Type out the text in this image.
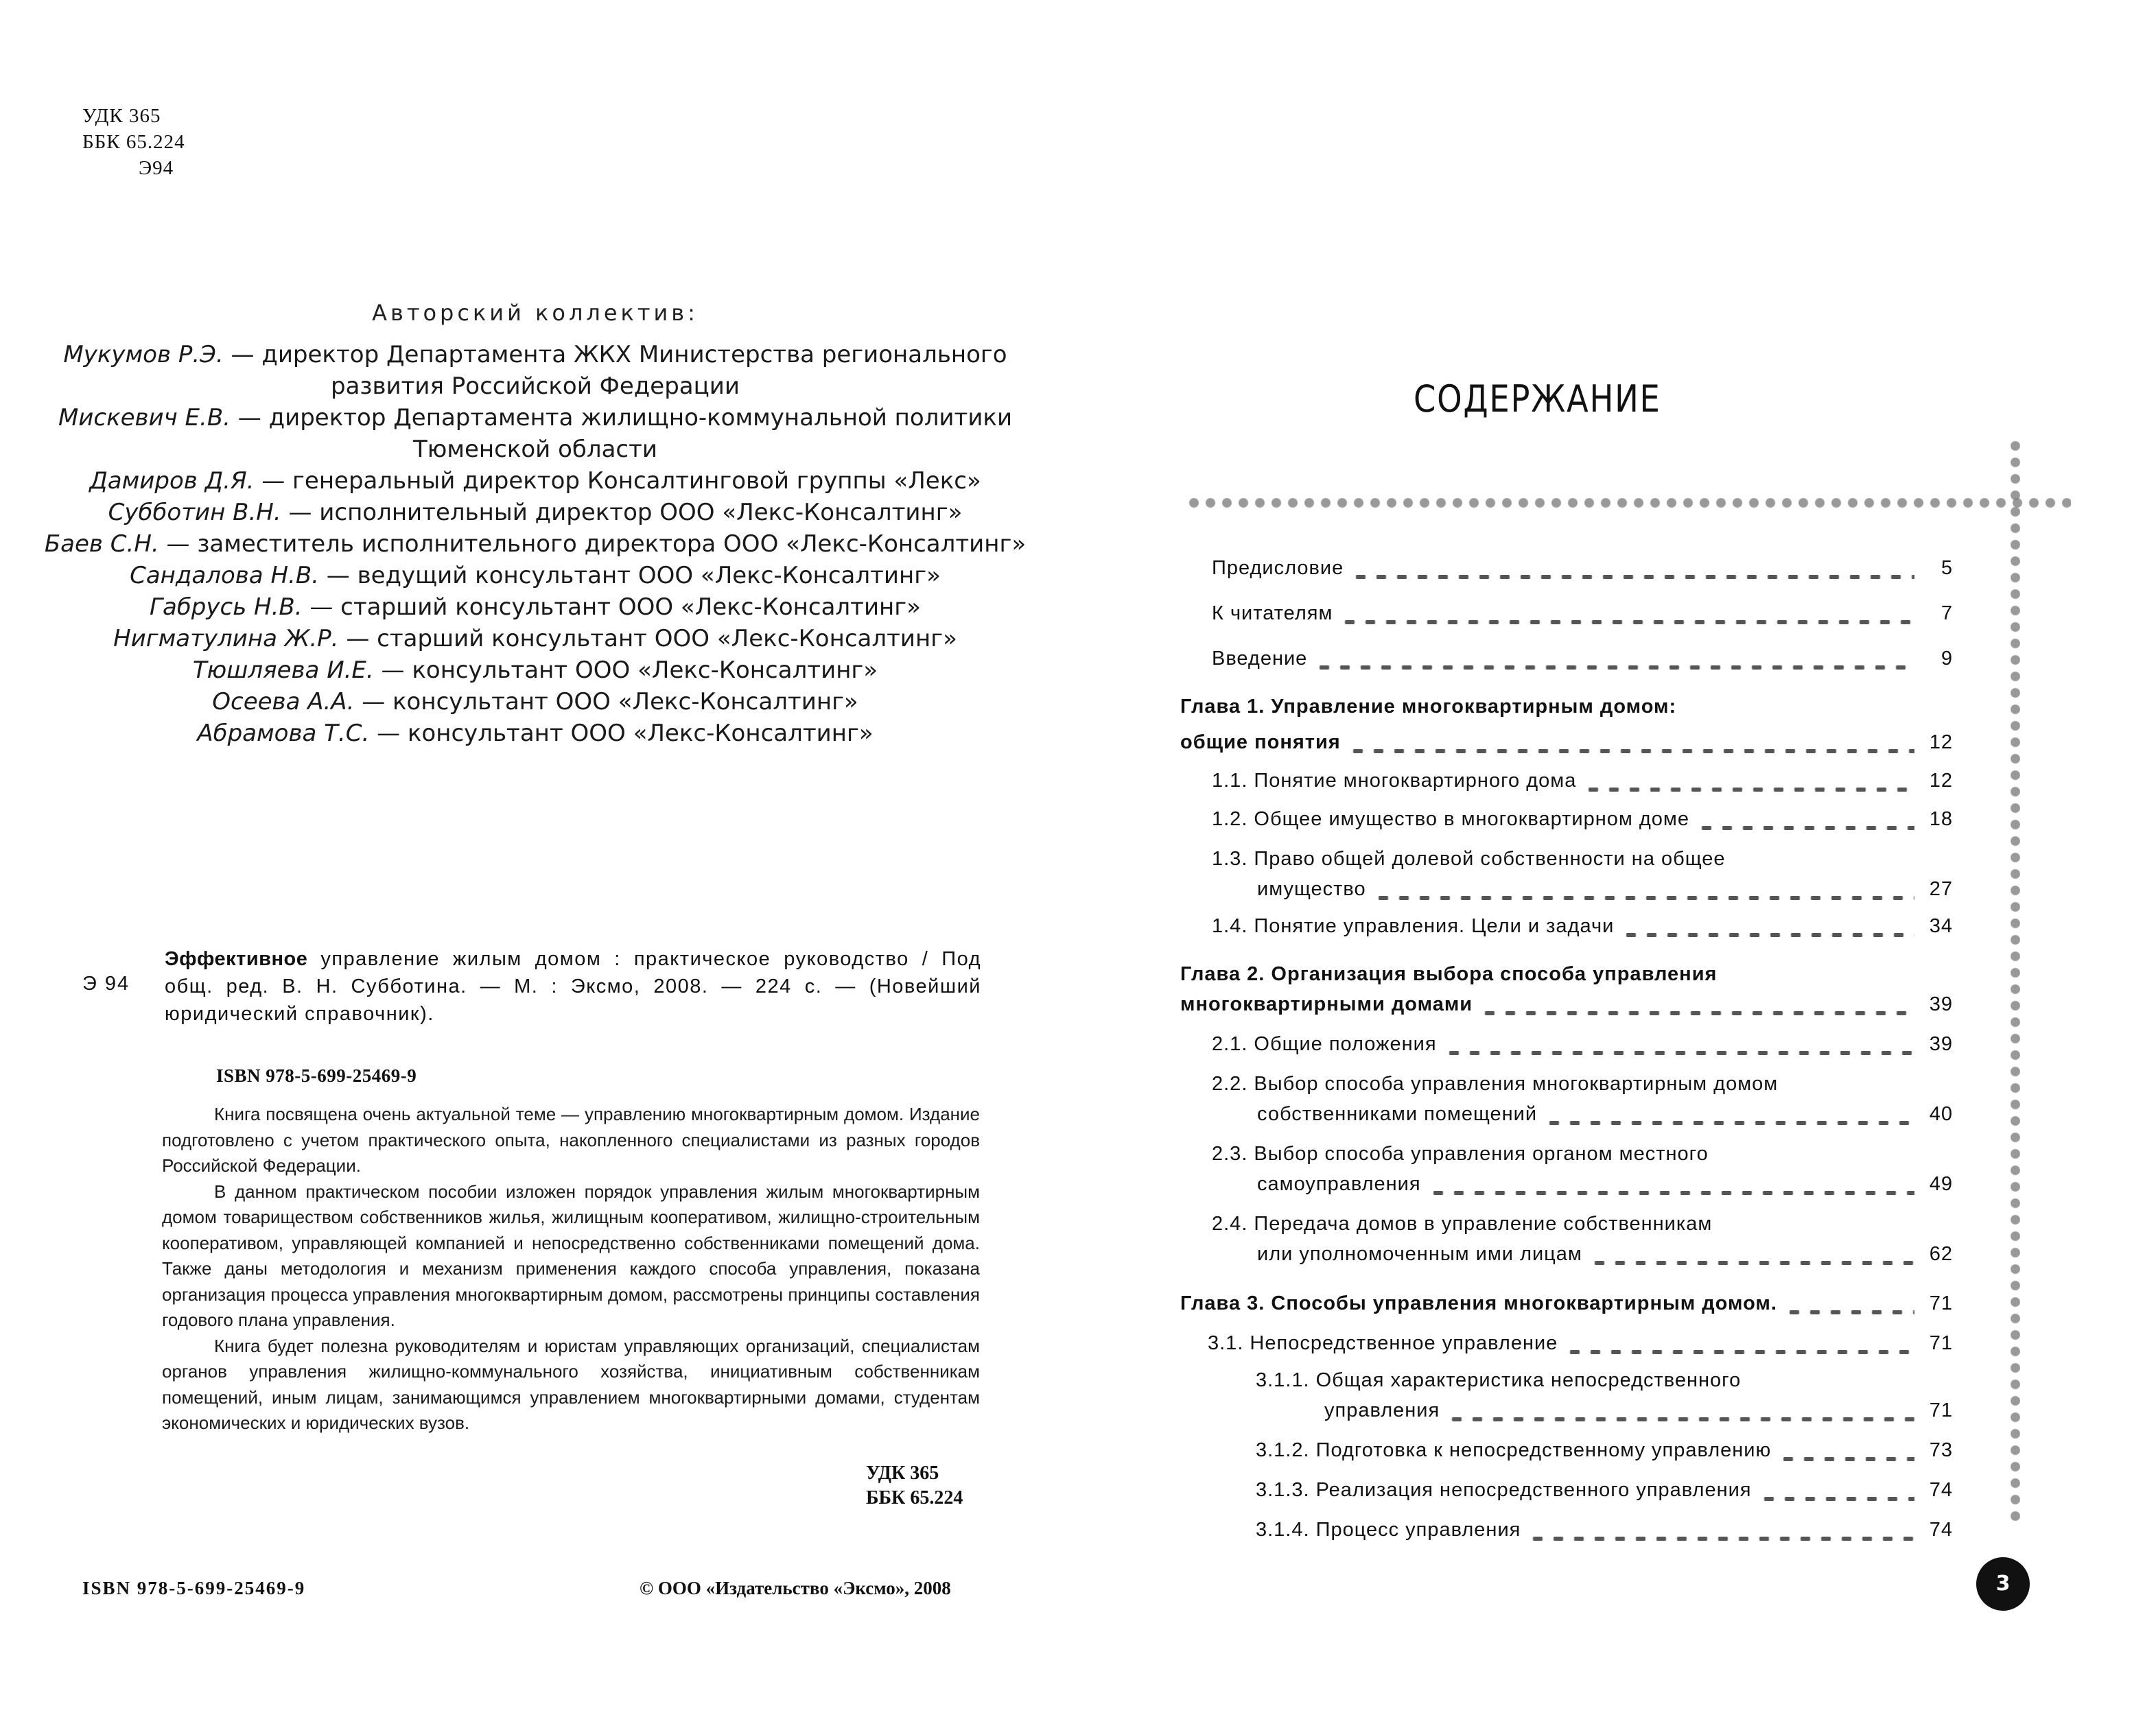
УДК 365
ББК 65.224
Э94
Авторский коллектив:
Мукумов Р.Э. — директор Департамента ЖКХ Министерства регионального
развития Российской Федерации
Мискевич Е.В. — директор Департамента жилищно-коммунальной политики
Тюменской области
Дамиров Д.Я. — генеральный директор Консалтинговой группы «Лекс»
Субботин В.Н. — исполнительный директор ООО «Лекс-Консалтинг»
Баев С.Н. — заместитель исполнительного директора ООО «Лекс-Консалтинг»
Сандалова Н.В. — ведущий консультант ООО «Лекс-Консалтинг»
Габрусь Н.В. — старший консультант ООО «Лекс-Консалтинг»
Нигматулина Ж.Р. — старший консультант ООО «Лекс-Консалтинг»
Тюшляева И.Е. — консультант ООО «Лекс-Консалтинг»
Осеева А.А. — консультант ООО «Лекс-Консалтинг»
Абрамова Т.С. — консультант ООО «Лекс-Консалтинг»
Э 94
Эффективное управление жилым домом : практическое руководство / Под общ. ред. В. Н. Субботина. — М. : Эксмо, 2008. — 224 с. — (Новейший юридический справочник).
ISBN 978-5-699-25469-9

Книга посвящена очень актуальной теме — управлению многоквартирным домом. Издание подготовлено с учетом практического опыта, накопленного специалистами из разных городов Российской Федерации.

В данном практическом пособии изложен порядок управления жилым многоквартирным домом товариществом собственников жилья, жилищным кооперативом, жилищно-строительным кооперативом, управляющей компанией и непосредственно собственниками помещений дома. Также даны методология и механизм применения каждого способа управления, показана организация процесса управления многоквартирным домом, рассмотрены принципы составления годового плана управления.

Книга будет полезна руководителям и юристам управляющих организаций, специалистам органов управления жилищно-коммунального хозяйства, инициативным собственникам помещений, иным лицам, занимающимся управлением многоквартирными домами, студентам экономических и юридических вузов.

УДК 365
ББК 65.224
ISBN 978-5-699-25469-9	© ООО «Издательство «Эксмо», 2008
СОДЕРЖАНИЕ
Предисловие	5
К читателям	7
Введение	9
Глава 1. Управление многоквартирным домом:
общие понятия	12
1.1. Понятие многоквартирного дома	12
1.2. Общее имущество в многоквартирном доме	18
1.3. Право общей долевой собственности на общее
имущество	27
1.4. Понятие управления. Цели и задачи	34
Глава 2. Организация выбора способа управления
многоквартирными домами	39
2.1. Общие положения	39
2.2. Выбор способа управления многоквартирным домом
собственниками помещений	40
2.3. Выбор способа управления органом местного
самоуправления	49
2.4. Передача домов в управление собственникам
или уполномоченным ими лицам	62
Глава 3. Способы управления многоквартирным домом.	71
3.1. Непосредственное управление	71
3.1.1. Общая характеристика непосредственного
управления	71
3.1.2. Подготовка к непосредственному управлению	73
3.1.3. Реализация непосредственного управления	74
3.1.4. Процесс управления	74
3
